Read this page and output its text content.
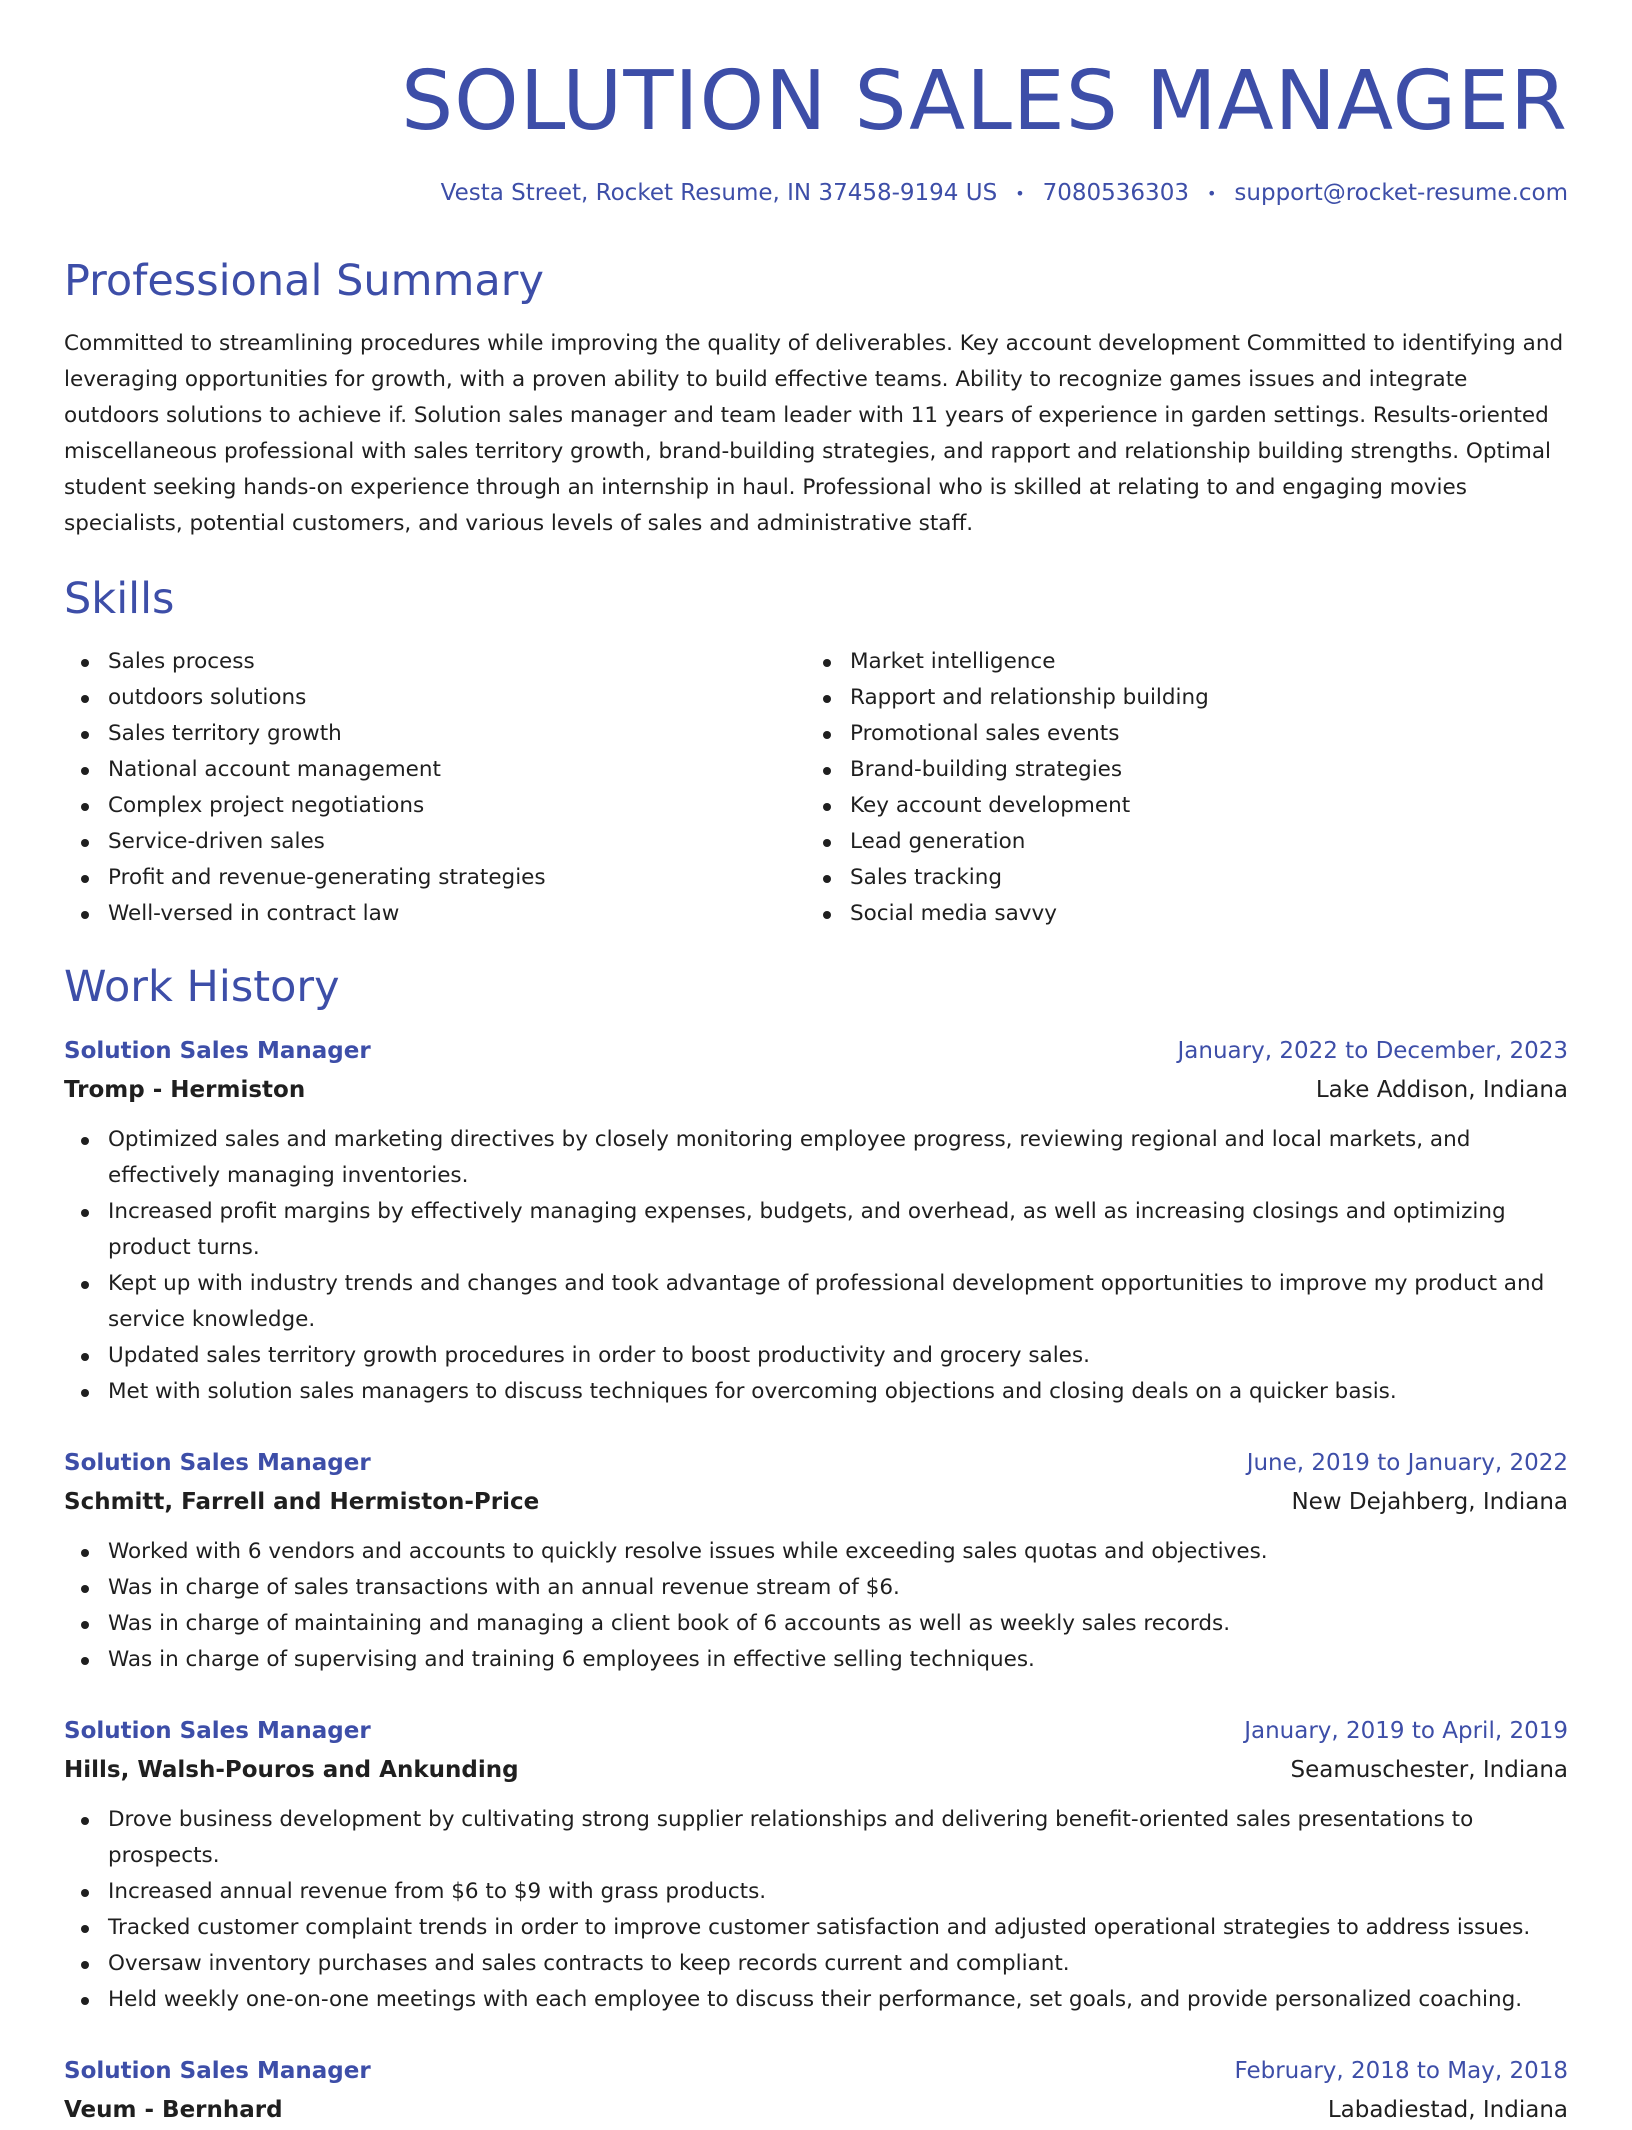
SOLUTION SALES MANAGER
Vesta Street, Rocket Resume, IN 37458-9194 US • 7080536303 • support@rocket-resume.com
Professional Summary

Committed to streamlining procedures while improving the quality of deliverables. Key account development Committed to identifying and leveraging opportunities for growth, with a proven ability to build effective teams. Ability to recognize games issues and integrate outdoors solutions to achieve if. Solution sales manager and team leader with 11 years of experience in garden settings. Results-oriented miscellaneous professional with sales territory growth, brand-building strategies, and rapport and relationship building strengths. Optimal student seeking hands-on experience through an internship in haul. Professional who is skilled at relating to and engaging movies specialists, potential customers, and various levels of sales and administrative staff.

Skills
Sales process
outdoors solutions
Sales territory growth
National account management
Complex project negotiations
Service-driven sales
Profit and revenue-generating strategies
Well-versed in contract law
Market intelligence
Rapport and relationship building
Promotional sales events
Brand-building strategies
Key account development
Lead generation
Sales tracking
Social media savvy
Work History
Solution Sales Manager	January, 2022 to December, 2023
Tromp - Hermiston	Lake Addison, Indiana
Optimized sales and marketing directives by closely monitoring employee progress, reviewing regional and local markets, and effectively managing inventories.
Increased profit margins by effectively managing expenses, budgets, and overhead, as well as increasing closings and optimizing product turns.
Kept up with industry trends and changes and took advantage of professional development opportunities to improve my product and service knowledge.
Updated sales territory growth procedures in order to boost productivity and grocery sales.
Met with solution sales managers to discuss techniques for overcoming objections and closing deals on a quicker basis.
Solution Sales Manager	June, 2019 to January, 2022
Schmitt, Farrell and Hermiston-Price	New Dejahberg, Indiana
Worked with 6 vendors and accounts to quickly resolve issues while exceeding sales quotas and objectives.
Was in charge of sales transactions with an annual revenue stream of $6.
Was in charge of maintaining and managing a client book of 6 accounts as well as weekly sales records.
Was in charge of supervising and training 6 employees in effective selling techniques.
Solution Sales Manager	January, 2019 to April, 2019
Hills, Walsh-Pouros and Ankunding	Seamuschester, Indiana
Drove business development by cultivating strong supplier relationships and delivering benefit-oriented sales presentations to prospects.
Increased annual revenue from $6 to $9 with grass products.
Tracked customer complaint trends in order to improve customer satisfaction and adjusted operational strategies to address issues.
Oversaw inventory purchases and sales contracts to keep records current and compliant.
Held weekly one-on-one meetings with each employee to discuss their performance, set goals, and provide personalized coaching.
Solution Sales Manager	February, 2018 to May, 2018
Veum - Bernhard	Labadiestad, Indiana
